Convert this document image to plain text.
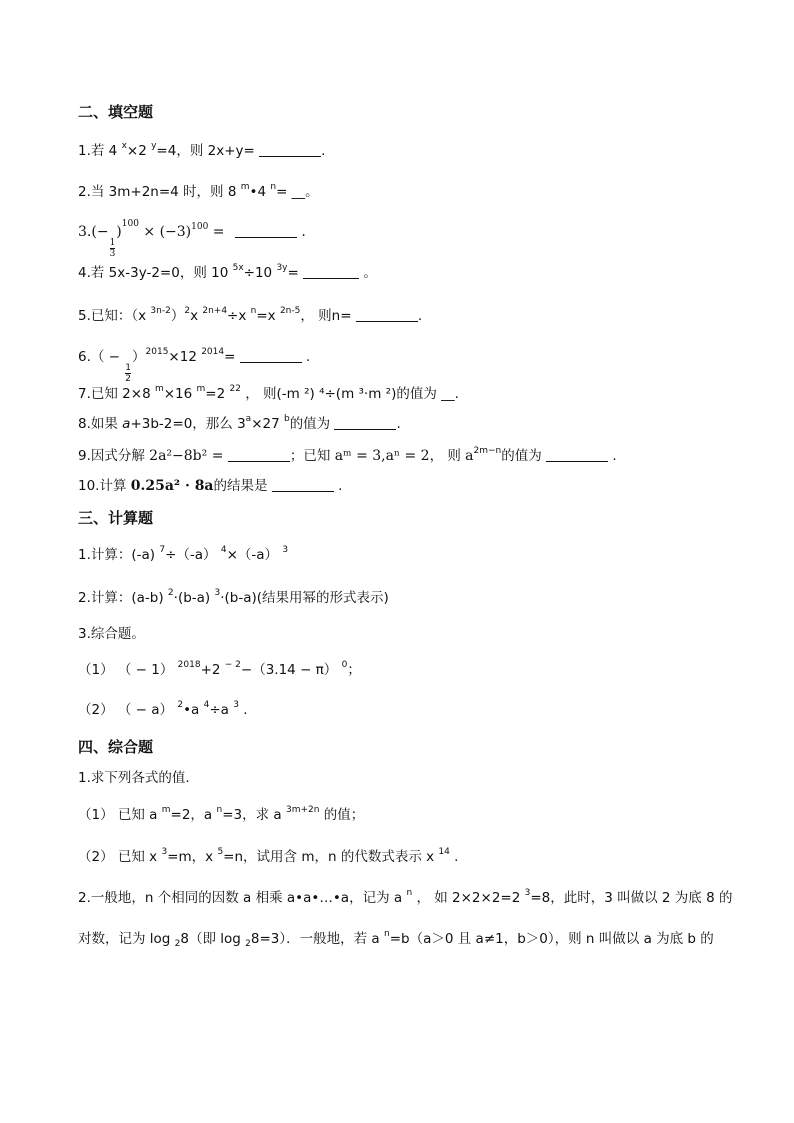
二、填空题
1.若 4 $^x$×2 $^y$=4，则 2x+y=	.
2.当 3m+2n=4 时，则 8 $^m$•4 $^n$= __。
3.(−
$\frac{1}{3}$
)$^{100} \times (-3)^{100}$ =	.
4.若 5x-3y-2=0，则 10 $^{5x}$÷10 $^{3y}$=	。
5.已知：（x $^{3n-2}$）$^2$x $^{2n+4}$÷x $^n$=x $^{2n-5}$， 则n=	.
6.（ −
$\frac{1}{2}$
）$^{2015}$×12 $^{2014}$=	.
7.已知 2×8 $^m$×16 $^m$=2 $^{22}$ ， 则(-m ²) ⁴÷(m ³·m ²)的值为 __.
8.如果 a+3b-2=0，那么 $3^a\times 27$ $^b$的值为	.
9.因式分解 2a²−8b² =	；已知 aᵐ = 3,aⁿ = 2， 则 $a^{2m-n}$的值为	.
10.计算 0.25a² · 8a的结果是	.
三、计算题
1.计算：(-a) $^7$÷（-a） $^4$×（-a） $^3$
2.计算：(a-b) $^2$·(b-a) $^3$·(b-a)(结果用幂的形式表示)
3.综合题。
（1） （ − 1） $^{2018}$+2 $^{- 2}$−（3.14 − π） $^0$；
（2） （ − a） $^2$•a $^4$÷a $^3$ .
四、综合题
1.求下列各式的值.
（1） 已知 a $^m$=2，a $^n$=3，求 a $^{3m+2n}$ 的值；
（2） 已知 x $^3$=m，x $^5$=n，试用含 m，n 的代数式表示 x $^{14}$ .
2.一般地，n 个相同的因数 a 相乘 a•a•…•a，记为 a $^n$ ， 如 2×2×2=2 $^3$=8，此时，3 叫做以 2 为底 8 的
对数，记为 log $_2$8（即 log $_2$8=3）．一般地，若 a $^n$=b（a＞0 且 a≠1，b＞0），则 n 叫做以 a 为底 b 的
